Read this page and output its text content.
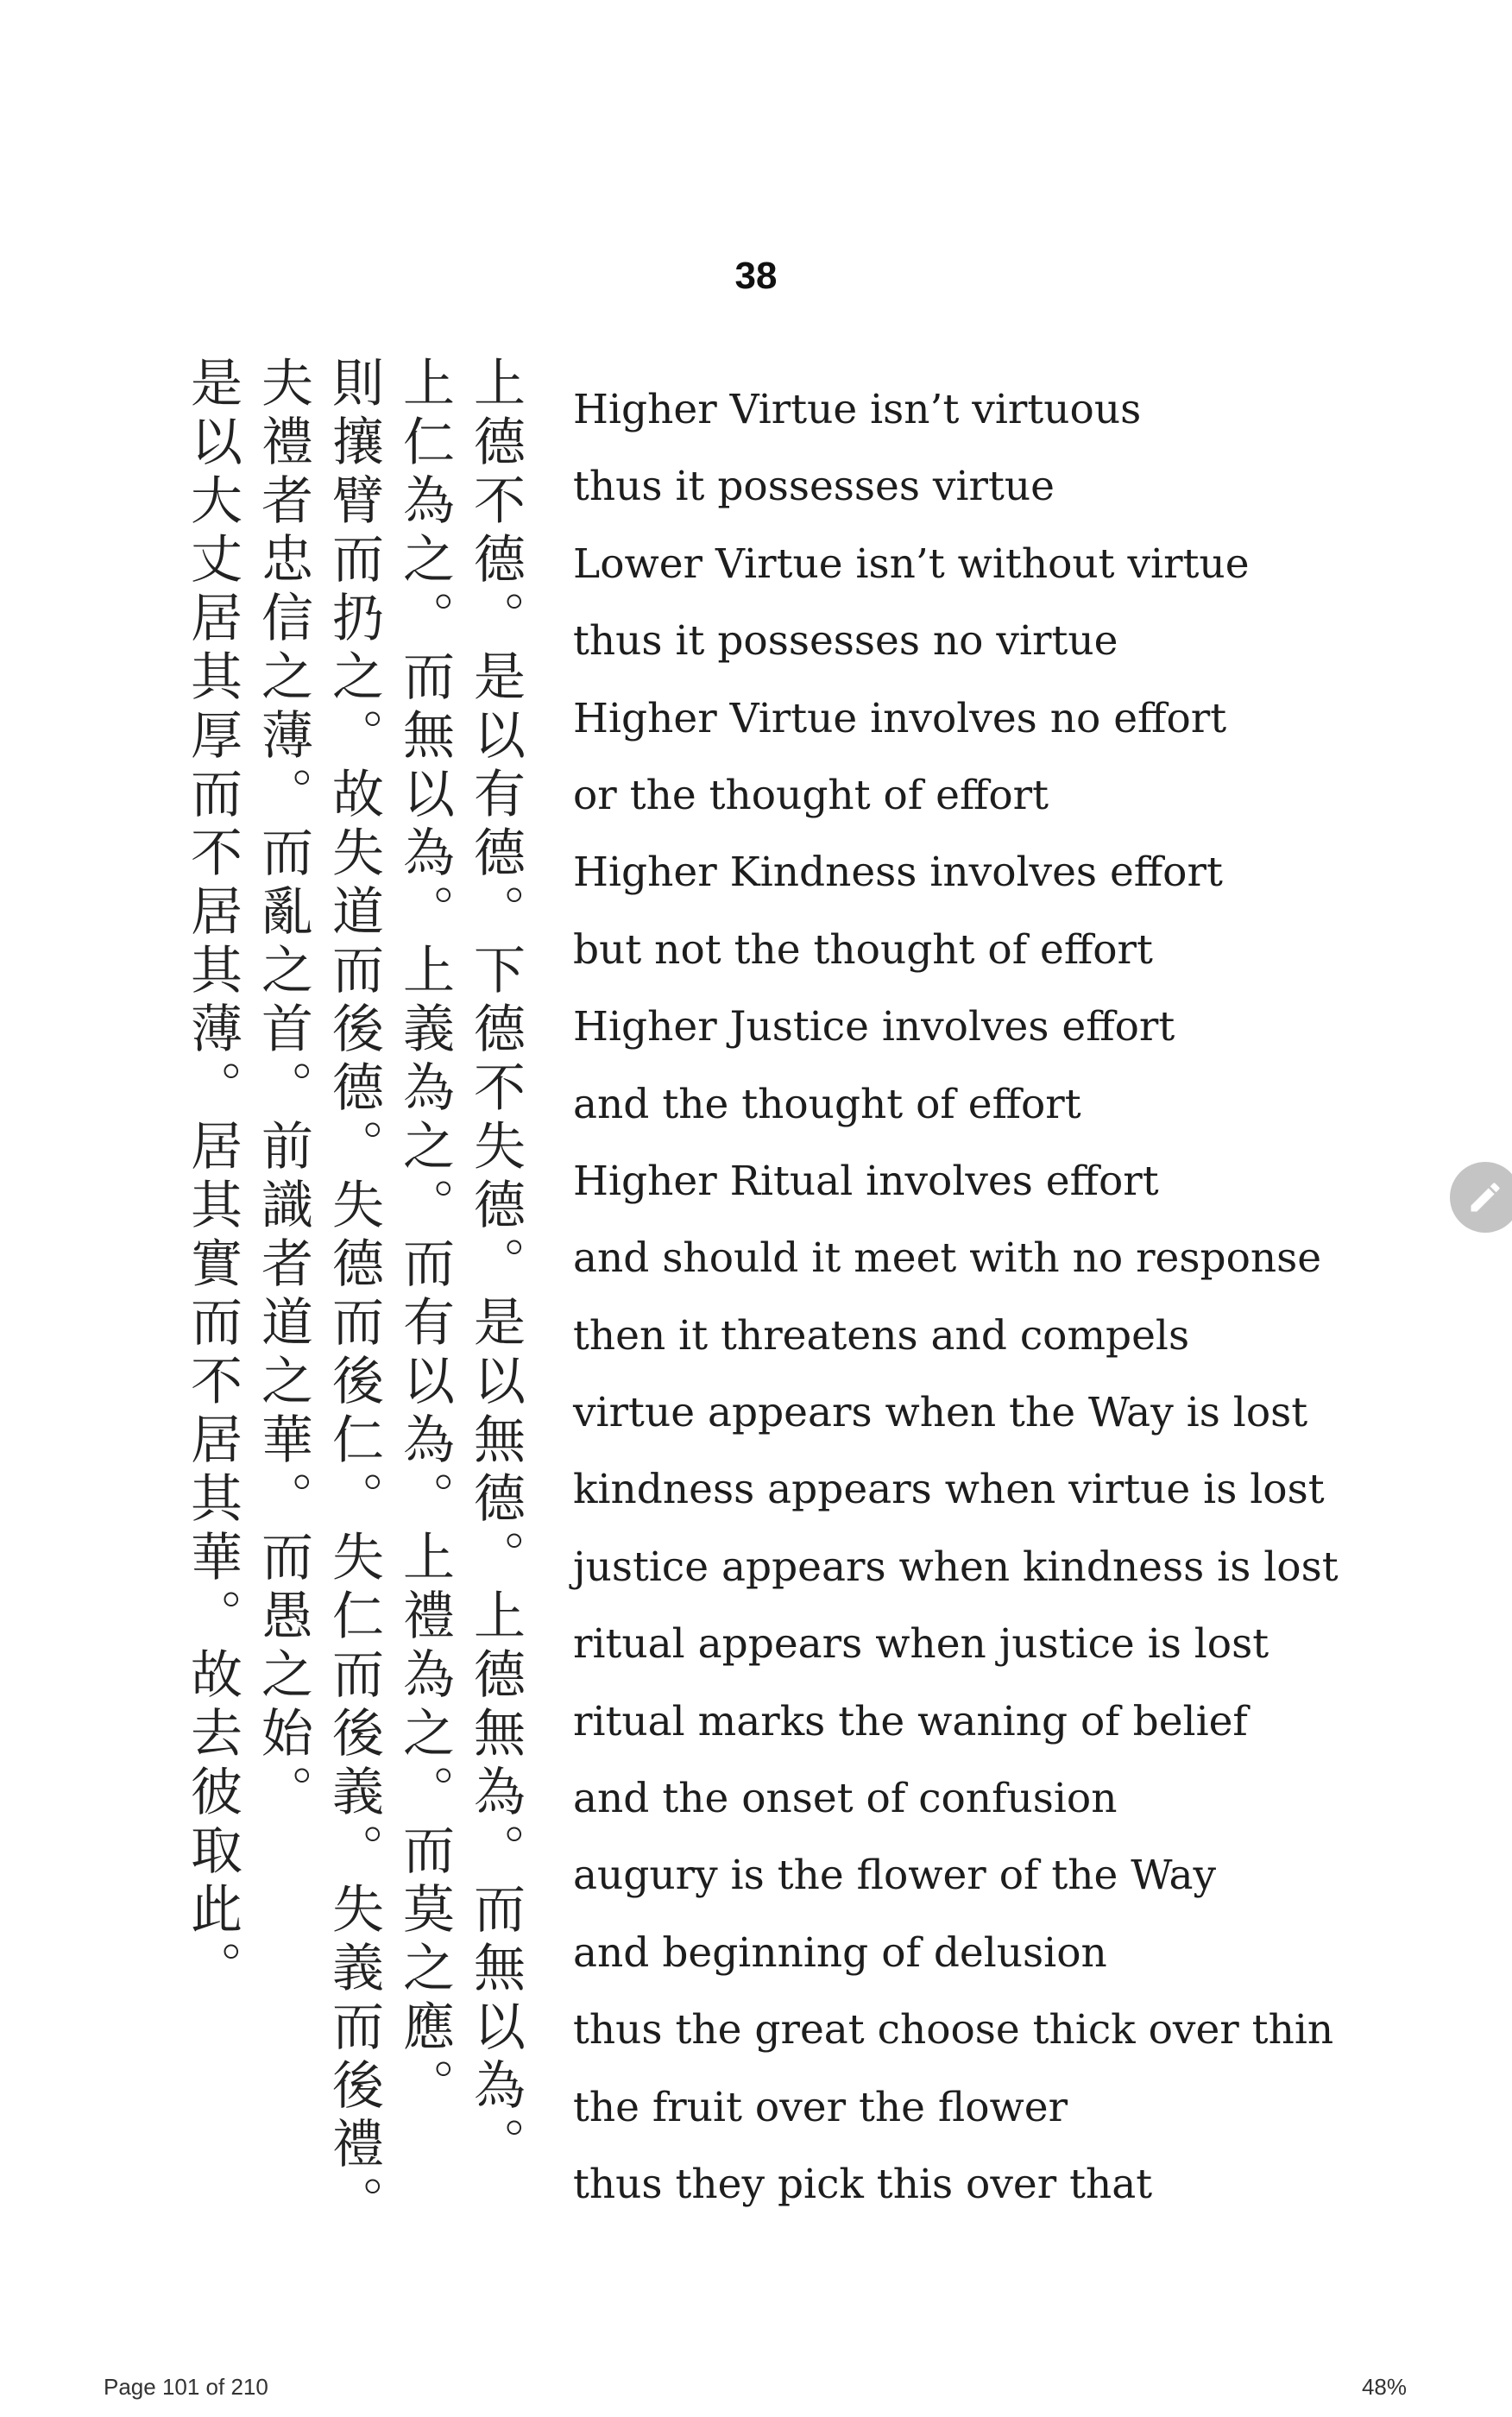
38
上德不德。是以有德。下德不失德。是以無德。上德無為。而無以為。
上仁為之。而無以為。上義為之。而有以為。上禮為之。而莫之應。
則攘臂而扔之。故失道而後德。失德而後仁。失仁而後義。失義而後禮。
夫禮者忠信之薄。而亂之首。前識者道之華。而愚之始。
是以大丈居其厚而不居其薄。居其實而不居其華。故去彼取此。	Higher Virtue isn’t virtuous
thus it possesses virtue
Lower Virtue isn’t without virtue
thus it possesses no virtue
Higher Virtue involves no effort
or the thought of effort
Higher Kindness involves effort
but not the thought of effort
Higher Justice involves effort
and the thought of effort
Higher Ritual involves effort
and should it meet with no response
then it threatens and compels
virtue appears when the Way is lost
kindness appears when virtue is lost
justice appears when kindness is lost
ritual appears when justice is lost
ritual marks the waning of belief
and the onset of confusion
augury is the flower of the Way
and beginning of delusion
thus the great choose thick over thin
the fruit over the flower
thus they pick this over that
Page 101 of 210	48%
